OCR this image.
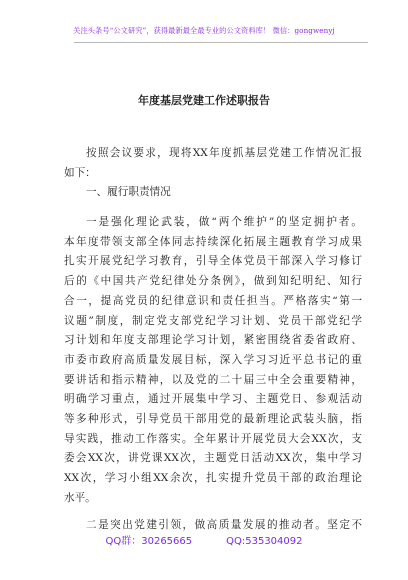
关注头条号“公文研究”，获得最新最全最专业的公文资料库！ 微信：gongwenyj
年度基层党建工作述职报告
按照会议要求，现将XX年度抓基层党建工作情况汇报
如下：
一、履行职责情况
一是强化理论武装，做“两个维护”的坚定拥护者。
本年度带领支部全体同志持续深化拓展主题教育学习成果
扎实开展党纪学习教育，引导全体党员干部深入学习修订
后的《中国共产党纪律处分条例》，做到知纪明纪、知行
合一，提高党员的纪律意识和责任担当。严格落实“第一
议题”制度，制定党支部党纪学习计划、党员干部党纪学
习计划和年度支部理论学习计划，紧密围绕省委省政府、
市委市政府高质量发展目标，深入学习习近平总书记的重
要讲话和指示精神，以及党的二十届三中全会重要精神，
明确学习重点，通过开展集中学习、主题党日、参观活动
等多种形式，引导党员干部用党的最新理论武装头脑，指
导实践，推动工作落实。全年累计开展党员大会XX次，支
委会XX次，讲党课XX次，主题党日活动XX次，集中学习
XX次，学习小组XX余次，扎实提升党员干部的政治理论
水平。
二是突出党建引领，做高质量发展的推动者。坚定不
QQ群：30265665	QQ:535304092
